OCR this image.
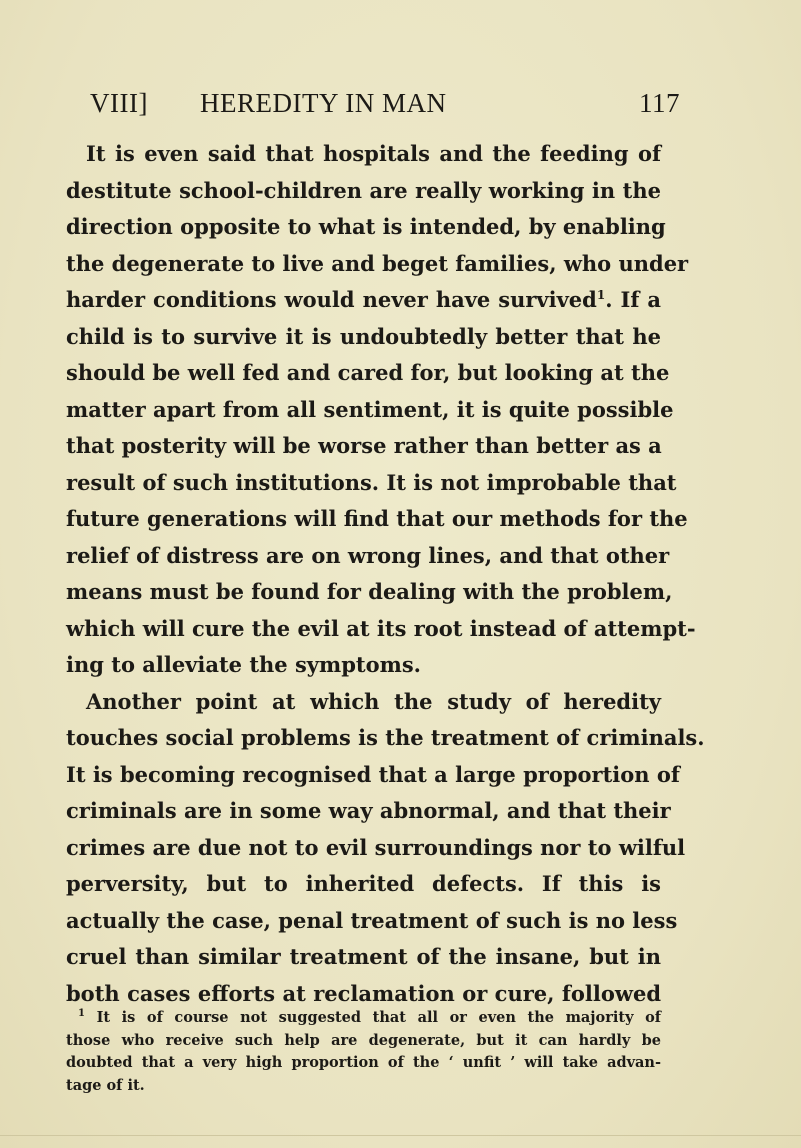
VIII] HEREDITY IN MAN	117
It is even said that hospitals and the feeding of
destitute school-children are really working in the
direction opposite to what is intended, by enabling
the degenerate to live and beget families, who under
harder conditions would never have survived$^1$. If a
child is to survive it is undoubtedly better that he
should be well fed and cared for, but looking at the
matter apart from all sentiment, it is quite possible
that posterity will be worse rather than better as a
result of such institutions. It is not improbable that
future generations will find that our methods for the
relief of distress are on wrong lines, and that other
means must be found for dealing with the problem,
which will cure the evil at its root instead of attempt-
ing to alleviate the symptoms.
Another point at which the study of heredity
touches social problems is the treatment of criminals.
It is becoming recognised that a large proportion of
criminals are in some way abnormal, and that their
crimes are due not to evil surroundings nor to wilful
perversity, but to inherited defects. If this is
actually the case, penal treatment of such is no less
cruel than similar treatment of the insane, but in
both cases efforts at reclamation or cure, followed
$^1$ It is of course not suggested that all or even the majority of
those who receive such help are degenerate, but it can hardly be
doubted that a very high proportion of the ‘ unfit ’ will take advan-
tage of it.
